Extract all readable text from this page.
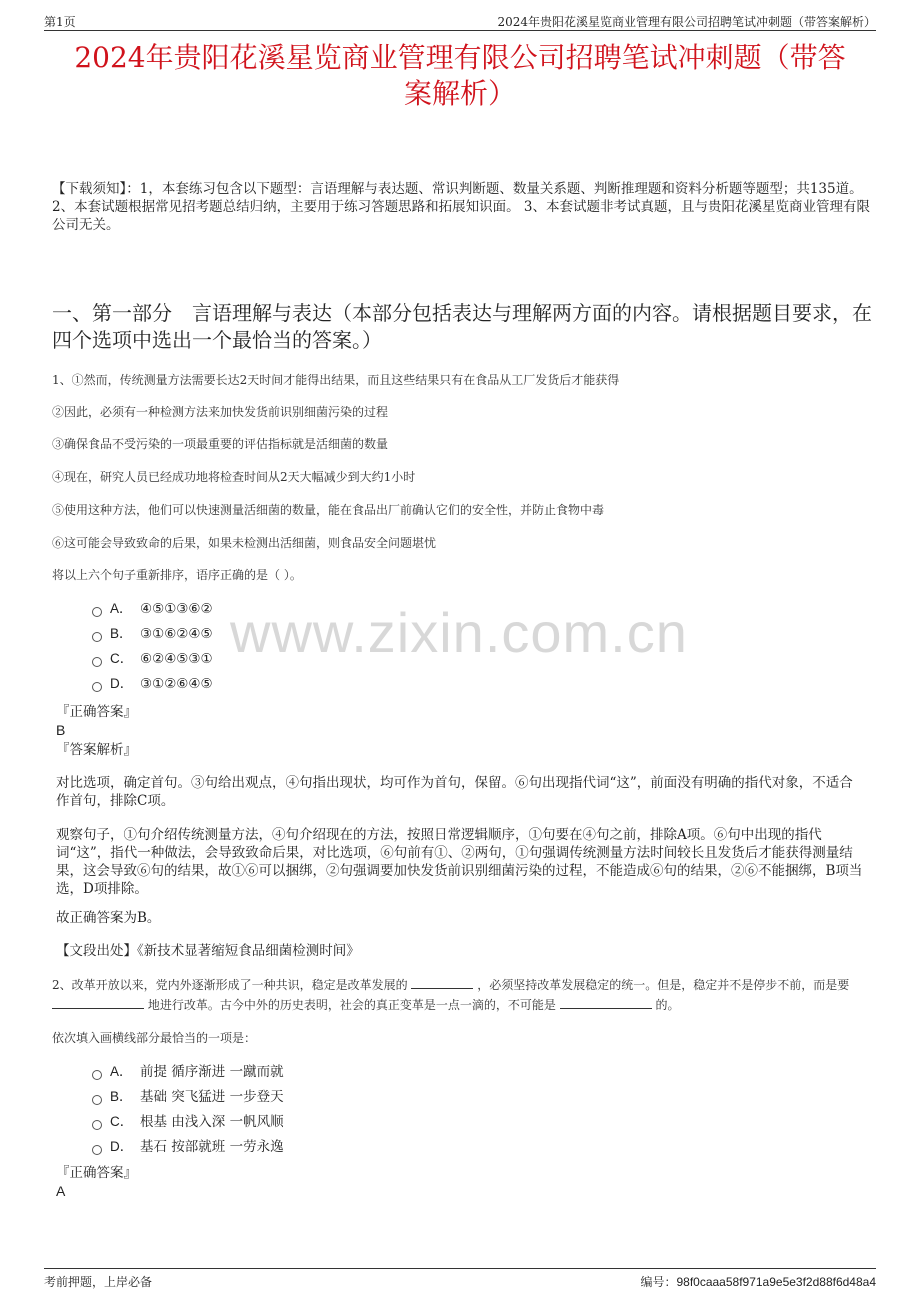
第1页	2024年贵阳花溪星览商业管理有限公司招聘笔试冲刺题（带答案解析）
2024年贵阳花溪星览商业管理有限公司招聘笔试冲刺题（带答
案解析）
【下载须知】：1，本套练习包含以下题型：言语理解与表达题、常识判断题、数量关系题、判断推理题和资料分析题等题型；共135道。 2、本套试题根据常见招考题总结归纳，主要用于练习答题思路和拓展知识面。 3、本套试题非考试真题，且与贵阳花溪星览商业管理有限公司无关。
一、第一部分　言语理解与表达（本部分包括表达与理解两方面的内容。请根据题目要求，在四个选项中选出一个最恰当的答案。）
1、①然而，传统测量方法需要长达2天时间才能得出结果，而且这些结果只有在食品从工厂发货后才能获得
②因此，必须有一种检测方法来加快发货前识别细菌污染的过程
③确保食品不受污染的一项最重要的评估指标就是活细菌的数量
④现在，研究人员已经成功地将检查时间从2天大幅减少到大约1小时
⑤使用这种方法，他们可以快速测量活细菌的数量，能在食品出厂前确认它们的安全性，并防止食物中毒
⑥这可能会导致致命的后果，如果未检测出活细菌，则食品安全问题堪忧
将以上六个句子重新排序，语序正确的是（ ）。
A． ④⑤①③⑥②
B． ③①⑥②④⑤
C． ⑥②④⑤③①
D． ③①②⑥④⑤
『正确答案』
B
『答案解析』
对比选项，确定首句。③句给出观点，④句指出现状，均可作为首句，保留。⑥句出现指代词“这”，前面没有明确的指代对象，不适合作首句，排除C项。
观察句子，①句介绍传统测量方法，④句介绍现在的方法，按照日常逻辑顺序，①句要在④句之前，排除A项。⑥句中出现的指代词“这”，指代一种做法，会导致致命后果，对比选项，⑥句前有①、②两句，①句强调传统测量方法时间较长且发货后才能获得测量结果，这会导致⑥句的结果，故①⑥可以捆绑，②句强调要加快发货前识别细菌污染的过程，不能造成⑥句的结果，②⑥不能捆绑，B项当选，D项排除。
故正确答案为B。
【文段出处】《新技术显著缩短食品细菌检测时间》
2、改革开放以来，党内外逐渐形成了一种共识，稳定是改革发展的	，必须坚持改革发展稳定的统一。但是，稳定并不是停步不前，而是要  地进行改革。古今中外的历史表明，社会的真正变革是一点一滴的，不可能是	的。
依次填入画横线部分最恰当的一项是：
A． 前提 循序渐进 一蹴而就
B． 基础 突飞猛进 一步登天
C． 根基 由浅入深 一帆风顺
D． 基石 按部就班 一劳永逸
『正确答案』
A
www.zixin.com.cn
考前押题，上岸必备	编号：98f0caaa58f971a9e5e3f2d88f6d48a4
